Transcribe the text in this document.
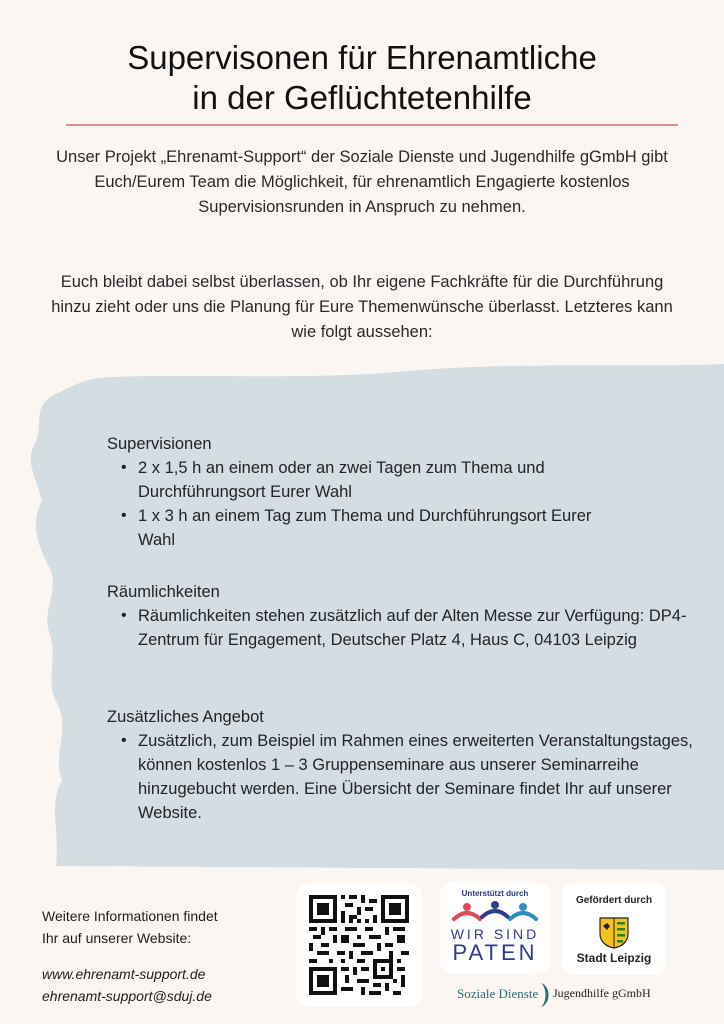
Supervisonen für Ehrenamtliche
in der Geflüchtetenhilfe

Unser Projekt „Ehrenamt-Support“ der Soziale Dienste und Jugendhilfe gGmbH gibt Euch/Eurem Team die Möglichkeit, für ehrenamtlich Engagierte kostenlos Supervisionsrunden in Anspruch zu nehmen.

Euch bleibt dabei selbst überlassen, ob Ihr eigene Fachkräfte für die Durchführung hinzu zieht oder uns die Planung für Eure Themenwünsche überlasst. Letzteres kann wie folgt aussehen:

Supervisionen

• 2 x 1,5 h an einem oder an zwei Tagen zum Thema und Durchführungsort Eurer Wahl
• 1 x 3 h an einem Tag zum Thema und Durchführungsort Eurer Wahl

Räumlichkeiten

• Räumlichkeiten stehen zusätzlich auf der Alten Messe zur Verfügung: DP4- Zentrum für Engagement, Deutscher Platz 4, Haus C, 04103 Leipzig

Zusätzliches Angebot

• Zusätzlich, zum Beispiel im Rahmen eines erweiterten Veranstaltungstages, können kostenlos 1 – 3 Gruppenseminare aus unserer Seminarreihe hinzugebucht werden. Eine Übersicht der Seminare findet Ihr auf unserer Website.
Weitere Informationen findet
Ihr auf unserer Website:
www.ehrenamt-support.de
ehrenamt-support@sduj.de
Unterstützt durch
WIR SIND
PATEN
Gefördert durch
Stadt Leipzig
Soziale Dienste Jugendhilfe gGmbH
